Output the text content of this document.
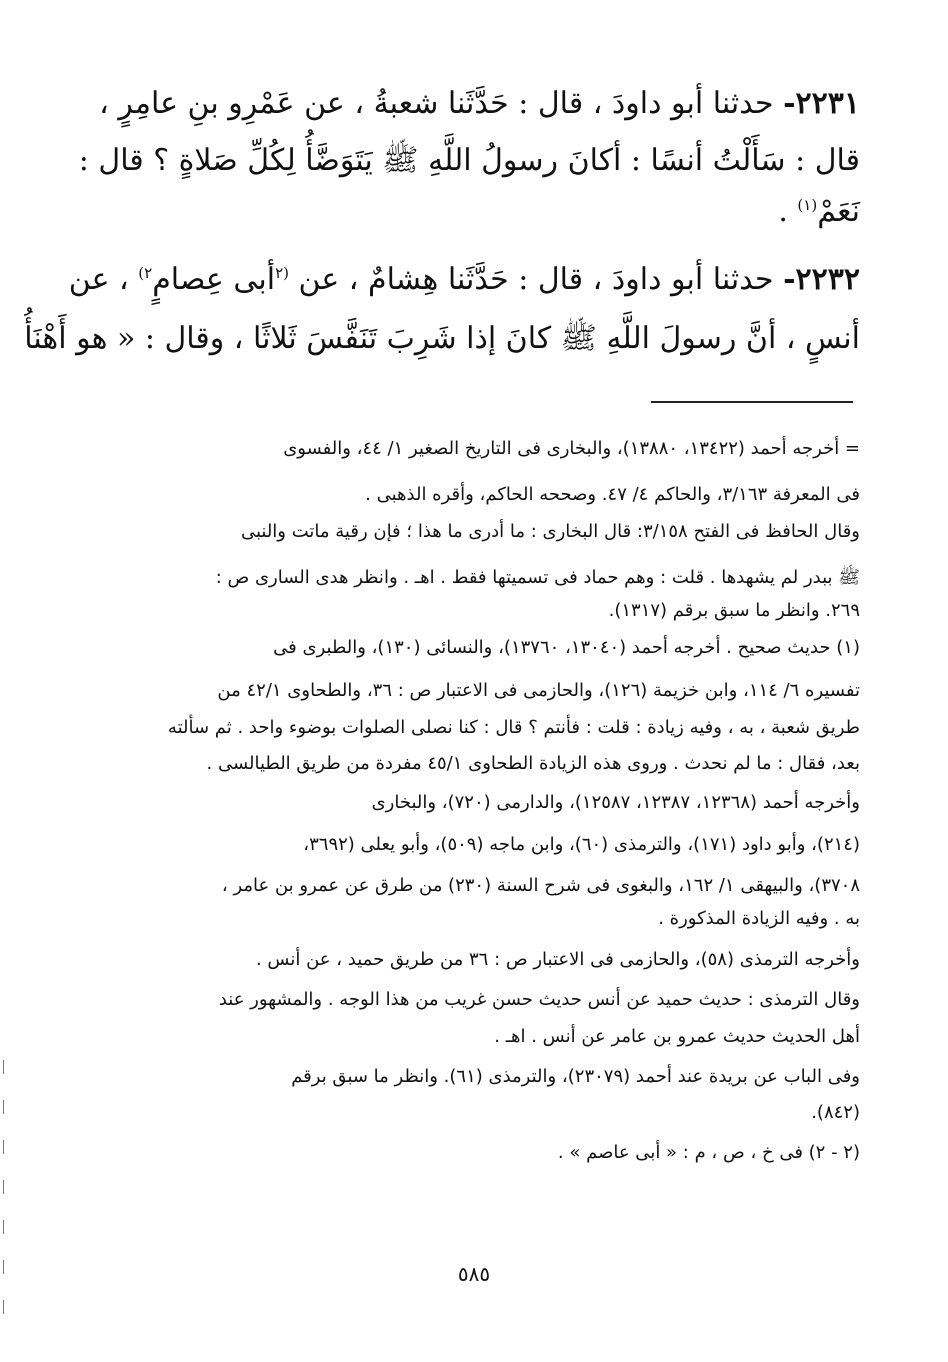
٢٢٣١- حدثنا أبو داودَ ، قال : حَدَّثَنا شعبةُ ، عن عَمْرِو بنِ عامِرٍ ،
قال : سَأَلْتُ أنسًا : أكانَ رسولُ اللَّهِ ﷺ يَتَوَضَّأُ لِكُلِّ صَلاةٍ ؟ قال :
نَعَمْ$^{(١)}$ .
٢٢٣٢- حدثنا أبو داودَ ، قال : حَدَّثَنا هِشامٌ ، عن $^{(٢}$أبى عِصامٍ$^{٢)}$ ، عن
أنسٍ ، أنَّ رسولَ اللَّهِ ﷺ كانَ إذا شَرِبَ تَنَفَّسَ ثَلاثًا ، وقال : « هو أَهْنَأُ
= أخرجه أحمد (١٣٤٢٢، ١٣٨٨٠)، والبخارى فى التاريخ الصغير ١/ ٤٤، والفسوى
فى المعرفة ٣/١٦٣، والحاكم ٤/ ٤٧. وصححه الحاكم، وأقره الذهبى .
وقال الحافظ فى الفتح ٣/١٥٨: قال البخارى : ما أدرى ما هذا ؛ فإن رقية ماتت والنبى
ﷺ ببدر لم يشهدها . قلت : وهم حماد فى تسميتها فقط . اهـ . وانظر هدى السارى ص :
٢٦٩. وانظر ما سبق برقم (١٣١٧).
(١) حديث صحيح . أخرجه أحمد (١٣٠٤٠، ١٣٧٦٠)، والنسائى (١٣٠)، والطبرى فى
تفسيره ٦/ ١١٤، وابن خزيمة (١٢٦)، والحازمى فى الاعتبار ص : ٣٦، والطحاوى ٤٢/١ من
طريق شعبة ، به ، وفيه زيادة : قلت : فأنتم ؟ قال : كنا نصلى الصلوات بوضوء واحد . ثم سألته
بعد، فقال : ما لم نحدث . وروى هذه الزيادة الطحاوى ٤٥/١ مفردة من طريق الطيالسى .
وأخرجه أحمد (١٢٣٦٨، ١٢٣٨٧، ١٢٥٨٧)، والدارمى (٧٢٠)، والبخارى
(٢١٤)، وأبو داود (١٧١)، والترمذى (٦٠)، وابن ماجه (٥٠٩)، وأبو يعلى (٣٦٩٢،
٣٧٠٨)، والبيهقى ١/ ١٦٢، والبغوى فى شرح السنة (٢٣٠) من طرق عن عمرو بن عامر ،
به . وفيه الزيادة المذكورة .
وأخرجه الترمذى (٥٨)، والحازمى فى الاعتبار ص : ٣٦ من طريق حميد ، عن أنس .
وقال الترمذى : حديث حميد عن أنس حديث حسن غريب من هذا الوجه . والمشهور عند
أهل الحديث حديث عمرو بن عامر عن أنس . اهـ .
وفى الباب عن بريدة عند أحمد (٢٣٠٧٩)، والترمذى (٦١). وانظر ما سبق برقم
(٨٤٢).
(٢ - ٢) فى خ ، ص ، م : « أبى عاصم » .
٥٨٥
